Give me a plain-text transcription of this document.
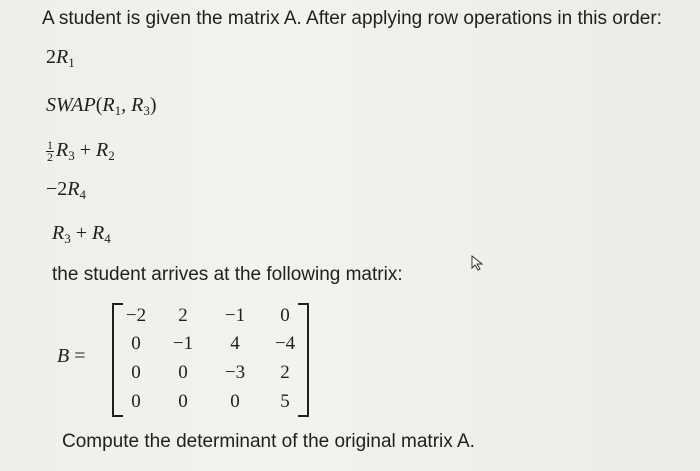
A student is given the matrix A. After applying row operations in this order:
$2R_1$
$SWAP(R_1$, $R_3$)
$\frac{1}{2} R_3 + R_2$
$-2R_4$
$R_3 + R_4$
the student arrives at the following matrix:
B =
−2	2	−1	0
0	−1	4	−4
0	0	−3	2
0	0	0	5
Compute the determinant of the original matrix A.
